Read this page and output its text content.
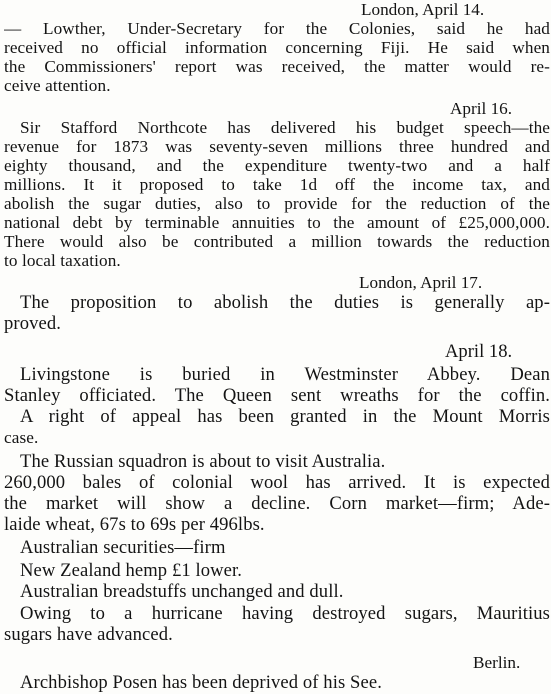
London, April 14.
— Lowther, Under-Secretary for the Colonies, said he had
received no official information concerning Fiji. He said when
the Commissioners' report was received, the matter would re-
ceive attention.
April 16.
Sir Stafford Northcote has delivered his budget speech—the
revenue for 1873 was seventy-seven millions three hundred and
eighty thousand, and the expenditure twenty-two and a half
millions. It it proposed to take 1d off the income tax, and
abolish the sugar duties, also to provide for the reduction of the
national debt by terminable annuities to the amount of £25,000,000.
There would also be contributed a million towards the reduction
to local taxation.
London, April 17.
The proposition to abolish the duties is generally ap-
proved.
April 18.
Livingstone is buried in Westminster Abbey. Dean
Stanley officiated. The Queen sent wreaths for the coffin.
A right of appeal has been granted in the Mount Morris
case.
The Russian squadron is about to visit Australia.
260,000 bales of colonial wool has arrived. It is expected
the market will show a decline. Corn market—firm; Ade-
laide wheat, 67s to 69s per 496lbs.
Australian securities—firm
New Zealand hemp £1 lower.
Australian breadstuffs unchanged and dull.
Owing to a hurricane having destroyed sugars, Mauritius
sugars have advanced.
Berlin.
Archbishop Posen has been deprived of his See.
